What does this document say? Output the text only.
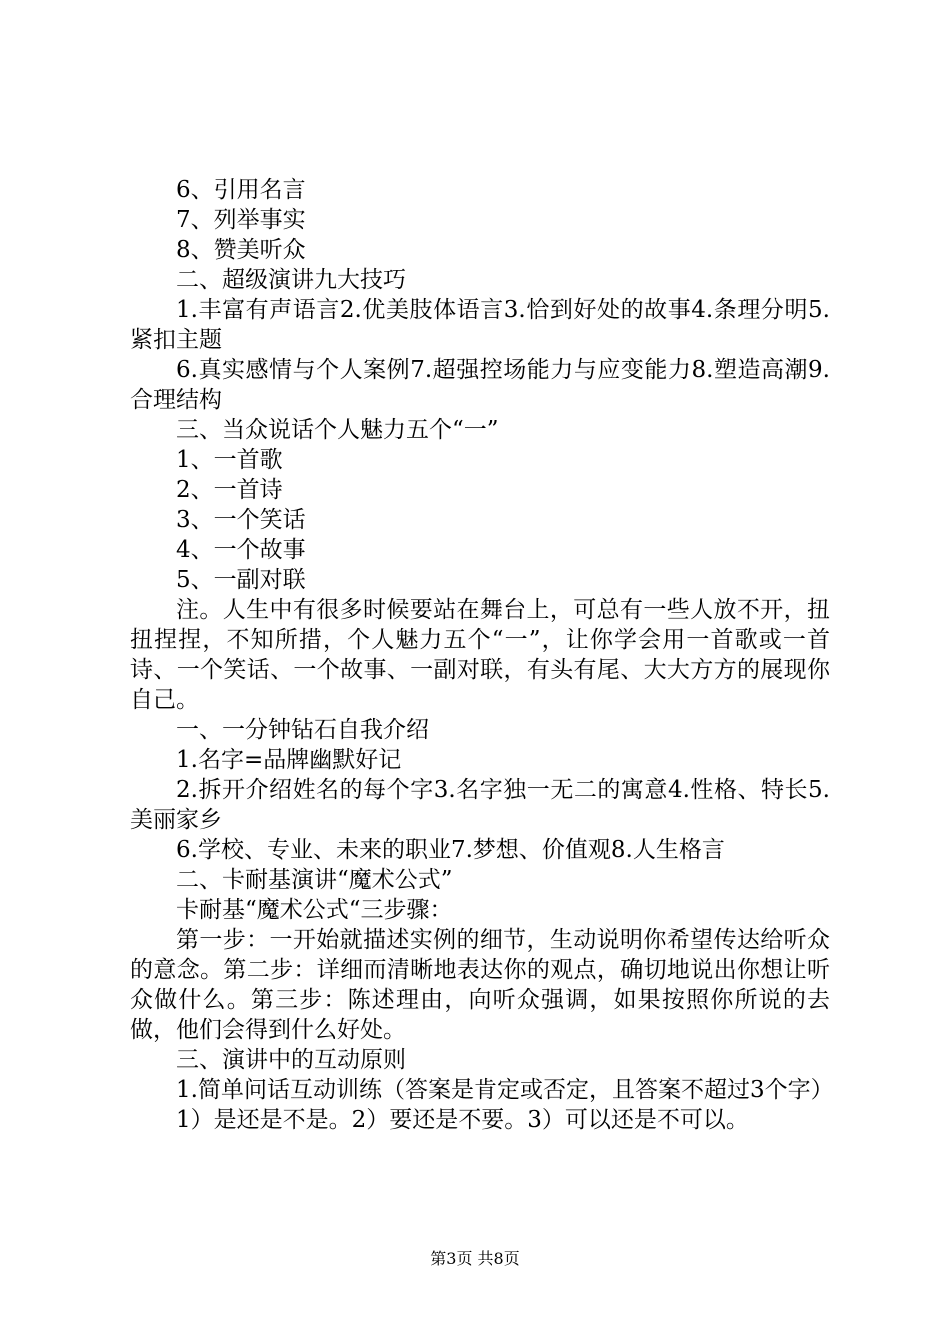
6、引用名言

7、列举事实

8、赞美听众

二、超级演讲九大技巧

1.丰富有声语言2.优美肢体语言3.恰到好处的故事4.条理分明5.紧扣主题

6.真实感情与个人案例7.超强控场能力与应变能力8.塑造高潮9.合理结构

三、当众说话个人魅力五个“一”

1、一首歌

2、一首诗

3、一个笑话

4、一个故事

5、一副对联

注。人生中有很多时候要站在舞台上，可总有一些人放不开，扭扭捏捏，不知所措，个人魅力五个“一”，让你学会用一首歌或一首诗、一个笑话、一个故事、一副对联，有头有尾、大大方方的展现你自己。

一、一分钟钻石自我介绍

1.名字=品牌幽默好记

2.拆开介绍姓名的每个字3.名字独一无二的寓意4.性格、特长5.美丽家乡

6.学校、专业、未来的职业7.梦想、价值观8.人生格言

二、卡耐基演讲“魔术公式”

卡耐基“魔术公式“三步骤：

第一步：一开始就描述实例的细节，生动说明你希望传达给听众的意念。第二步：详细而清晰地表达你的观点，确切地说出你想让听众做什么。第三步：陈述理由，向听众强调，如果按照你所说的去做，他们会得到什么好处。

三、演讲中的互动原则

1.简单问话互动训练（答案是肯定或否定，且答案不超过3个字）

1）是还是不是。2）要还是不要。3）可以还是不可以。

第3页 共8页
